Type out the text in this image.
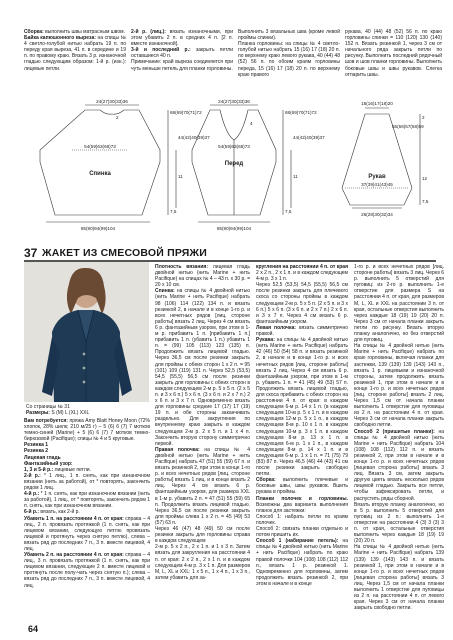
Сборка: выполнить швы матрасным швом.

Байка капюшонного вырезa: на спицы № 4 светло-голубой нитью набрать 19 п. по переду края выреза, 41 п. в середине и 19 п. по правому краю. Вязать 3 р. изнаночной гладью следующим образом: 1-й р. (изн.): лицевые петли.

2-й р. (лиц.): вязать изнаночными, при этом убавить 2 п. в средних 4 п. [2 п. вместе изнаночной].

3-й и последний р.: закрыть петли оставшиеся 40 п.

Примечание: край вырезa соединяется при чуть меньше петель для планки горловины.

Выполнить 3 вязальных шва (кроме левой проймы спинки).

Планка горловины: на спицы № 4 светло-голубой нитью набрать 15 (16) 17 (18) 20 п. по верхнему краю левого рукава, 40 (44) 48 (52) 56 п. по обоим краям горловины переда, 15 (16) 17 (18) 20 п. по верхнему краю правого

рукава, 40 (44) 48 (52) 56 п. по краю горловины спинки = 110 (120) 130 (140) 152 п. Вязать резинкой 1, через 3 см от начального ряда закрыть петли по рисунку. Выполнить последний рядочный шов и шов планки горловины. Выполнить боковые швы и швы рукавов. Слегка отпарить швы.

24(27)30(33)36
2
54(59)63(68)73
Спинка
85(90)94(99)104
68(69)70(71)72
44(42)40(39)37
11
7,5
24(27)30(33)36
4
54(59)63(68)73
Перед
85(90)94(99)104
68(69)70(71)72
44(42)40(39)37
11
7,5
15(16)17(18)20
55(56)57(58)59
2
Рукав
37(39)41(43)45
12
7,5
26(28)30(32)34
37 ЖАКЕТ ИЗ СМЕСОВОЙ ПРЯЖИ
Со страницы № 31
Размеры: S (M) L (XL) XXL

Вам потребуется: пряжа Amy Blatt Honey Moon (72% хлопок, 28% шелк; 210 м/25 г) – 5 (6) 6 (7) 7 мотков темно-синей (Marine) + 5 (6) 6 (7) 7 мотков темно-бирюзовой (Pacifique); спицы № 4 и 5 круговые.

Резинка 1

Резинка 2

Лицевая гладь

Фантазийный узор:

1, 3 и 5-й р.: лицевые петли.

2-й р.: * 1 лиц., 1 п. снять, как при изнаночном вязании (нить за работой), от * повторять, закончить рядом 1 лиц.

4-й р.: * 1 п. снять, как при изнаночном вязании (нить за работой), 1 лиц., от * повторять, закончить рядом 1 п. снять, как при изнаночном вязании.

6-й р.: вязать, как 2-й р.

Убавить 1 п. на расстоянии 4 п. от края: справа – 4 лиц., 2 п. провязать протяжкой (1 п. снять, как при лицевом вязании, следующую петлю провязать лицевой и протянуть через снятую петлю), слева – вязать ряд до последних 7 п., 3 п. вместе лицевой, 4 лиц.

Убавить 2 п. на расстоянии 4 п. от края: справа – 4 лиц., 3 п. провязать протяжкой (1 п. снять, как при лицевом вязании, следующие 2 п. вместе лицевой и протянуть после полу-чать через снятую п.); слева – вязать ряд до последних 7 п., 3 п. вместе лицевой, 4 лиц.

Плотность вязания: лицевая гладь двойной нитью (нить Marine + нить Pacifique) на спицах № 4 – 43 п. х 30 р. = 20 х 10 см.

Спинка: на спицы № 4 двойной нитью (нить Marine + нить Pacifique) набрать 98 (106) 114 (122) 134 п. и вязать резинкой 2, в начале и в конце 1-го р. и всех нечетных рядов [лиц. стороне работы] вязать 2 лиц. Через 4 см вязать 6 р. фантазийным узором, при этом в 1-м р. прибавить 1 п. [прибавить 1 п.] прибавить 1 п. (убавить 1 п.) убавить 1 п. = (99) 105 (113) 123 (135) п. Продолжить вязать лицевой гладью. Через 36,5 см после резинки закрыть для проймы с обеих сторон 1 х 2 п. = 95 (101) 109 (119) 131 п. Через 52,5 (53,5) 54,5 (55,5) 56,5 см после резинки закрыть для горловины с обеих сторон в каждом следующем 2-м р. 5 х 5 п. (2 х 5 п. и 3 х 6 п.) 5 х 6 п. (3 х 6 п. и 2 х 7 п.) 2 х 6 п. и 3 х 7 п. Одновременно вязать для горловины средние 17 (17) 17 (19) 19 п. и обе стороны заканчивать раздельно. Для закругления по внутреннему краю закрыть в каждом следующем 2-м р. 2 х 5 п. и 1 х 4 п. Закончить вторую сторону симметрично первой.

Правая полочка: на спицы № 4 двойной нитью (нить Marine + нить Pacifique) набрать 47 (51) 55 (59) 67 п. и вязать резинкой 2, при этом в конце 1-го р. и всех нечетных рядов [лиц. стороне работы] вязать 1 лиц. и в конце вязать 2 лиц. Через 4 см вязать 6 р. фантазийным узором, для размера XXL в 1-м р. убавить 2 п. = 47 (51) 55 (59) 65 п. Продолжить вязать лицевой гладью. Через 36,5 см после резинки закрыть для проймы слева 1 х 2 п. = 45 (49) 53 (57) 63 п.

Через 46 (47) 48 (49) 50 см после резинки закрыть для горловины справа в каждом следующем

2-м р. 5 х 2 п., 2 х 1 п. и 1 х 3 п. Затем вязать для закругления на расстоянии 4 п. от края: 2 х 2 п., 2 х 1 п. и в каждом следующем 4-м р. 3 х 1 п. Для размеров M, L, XL и XXL: 1 х 5 п., 1 х 4 п., 1 х 3 п., затем убавить для за-

кругления на расстоянии 4 п. от края 2 х 2 п., 2 х 1 п. и в каждом следующем 4-м р. 3 х 1 п.

Через 52,5 (53,5) 54,5 (55,5) 56,5 см после резинки закрыть для плечевого скоса со стороны проймы в каждом следующем 2-м р. 5 х 5 п. (2 х 5 п. и 3 х 6 п.) 5 х 6 п. (3 х 6 п. и 2 х 7 п.) 2 х 6 п. и 3 х 7 п. Через 4 см вязать 6 р. фантазийным узором.

Левая полочка: вязать симметрично правой.

Рукава: на спицы № 4 двойной нитью (нить Marine + нить Pacifique) набрать 42 (46) 50 (54) 58 п. и вязать резинкой 2, в начале и в конце 1-го р. и всех нечетных рядов [лиц. стороне работы] вязать 2 лиц. Через 4 см вязать 6 р. фантазийным узором, при этом в 1-м р. убавить 1 п. = 41 (45) 49 (53) 57 п. Продолжить вязать лицевой гладью, для скоса прибавить с обеих сторон на расстоянии 4 п. от края: в каждом следующем 6-м р. 14 х 1 п. (в каждом следующем 10-м р. 5 х 1 п. и в каждом следующем 12-м р. 5 х 1 п., в каждом следующем 8-м р. 10 х 1 п. в каждом следующем 10-м р. 3 х 1 п. в каждом следующем 8-м р. 13 х 1 п. в следующем 6-м р. 1 х 1 п., в каждом следующем 8-м р. 14 х 1 п. и в следующем 6-м р. 1 х 1 п. = 71 (75) 79 (83) 87 п. Через 46,5 (46) 44 (43) 41 см после резинки закрыть свободно петли.

Сборка: выполнить плечевые и боковые швы, швы рукавов. Вшить рукава в проймы.

Планки полочек и горловины. Возможны два варианта выполнения планок для застежки:

Способ 1: набрать петли по краям полочек.

Способ 2: связать планки отдельно и потом пришить их.

Способ 1 (набирание петель): на спицы № 4 двойной нитью (нить Marine + нить Pacifique) набрать по краю правой полочки 104 (108) 108 (112) 112 п., вязать 1 р. резинкой 1. Одновременно для горловины, затем продолжить вязать резинкой 2, при этом в начале и в конце

1-го р. и всех нечетных рядов [лиц. стороне работы] вязать 3 лиц. Через 6 р. выполнить 5 отверстий для пуговиц: из 2-го р. выполнить 1-е отверстие для размера S на расстоянии 4 п. от края, для размеров M, L, XL и XXL на расстоянии 3 п. от края, остальные отверстия выполнить через каждые 18 (19) 19 (20) 20 п. Через 3 см от начала планки закрыть петли по рисунку. Вязать вторую планку аналогично, но без отверстий для пуговиц.

На спицы № 4 двойной нитью (нить Marine + нить Pacifique) набрать по краю горловины, включая планки для застежки, 139 (139) 139 (143) 143 п., вязать 1 р. лицевыми и изнаночной стороны, затем продолжить вязать резинкой 1, при этом в начале и в конце 1-го р. и всех нечетных рядов [лиц. стороне работы] вязать 2 лиц. Через 1,5 см от начала планки выполнить 1 отверстие для пуговицы из 2 п. на расстоянии 4 п. от края. Через 3 см от начала планки закрыть свободно петли.

Способ 2 (пришитые планки): на спицы № 4 двойной нитью (нить Marine + нить Pacifique) набрать 104 (108) 108 (112) 112 п. и вязать резинкой 2, при этом в начале и в конце 1-го р. и всех нечетных рядов [лицевая сторона работы] вязать 3 лиц. Вязать 3 см, затем закрыть другую цветь вязать несколько рядов лицевой гладью. Закрыть все петли, чтобы зафиксировать петли, и распустить ряды сборной.

Вязать вторую планку аналогично, но в 5 р. выполнить 5 отверстий для пуговиц из 2 п.: выполнить 1-е отверстие на расстоянии 4 (3) 3 (3) 3 п. от края, остальные отверстия выполнить через каждые 18 (19) 19 (20) 20 п.

На спицы № 4 двойной нитью (нить Marine + нить Pacifique) набрать 139 (139) 139 (143) 143 п. и вязать резинкой 1, при этом в начале и в конце 1-го р. и всех нечетных рядов [лицевая сторона работы] вязать 3 лиц. Через 1,5 см от начала планки выполнить 1 отверстие для пуговицы из 2 п. на расстоянии 4 п. от левого края. Через 3 см от начала планки закрыть свободно петли.

64
